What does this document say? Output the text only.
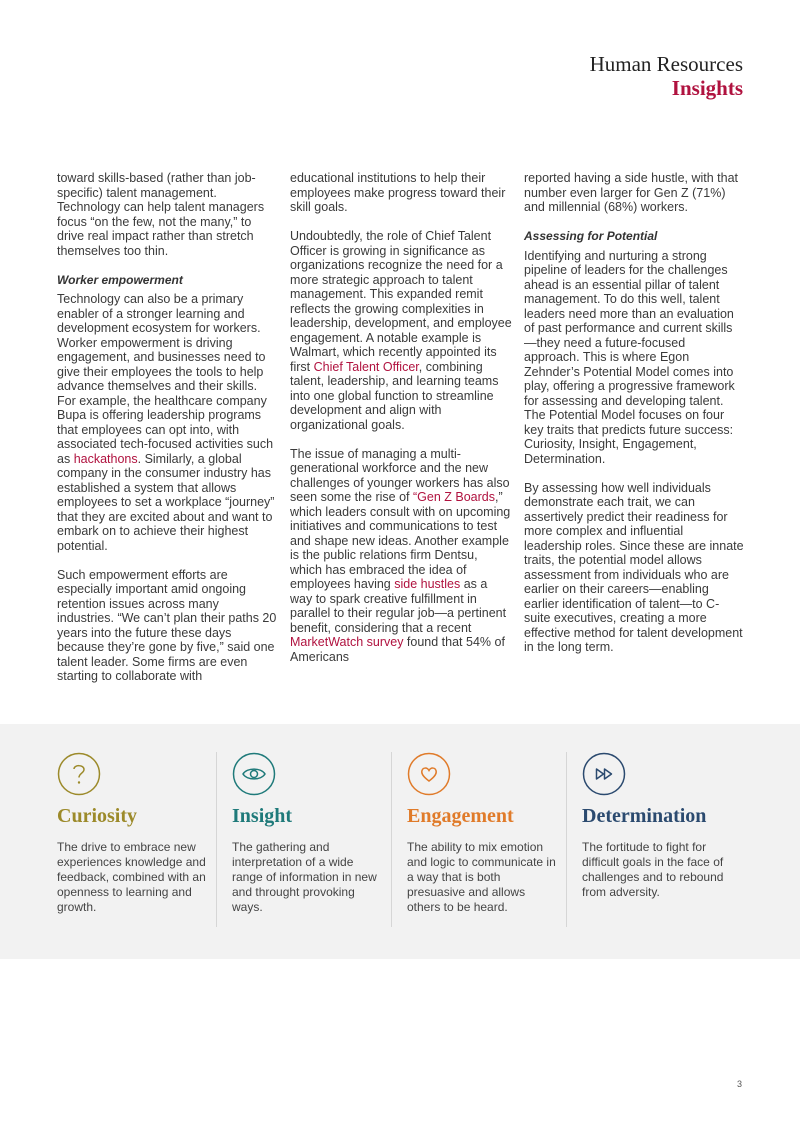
Human Resources
Insights

toward skills-based (rather than job-specific) talent management. Technology can help talent managers focus “on the few, not the many,” to drive real impact rather than stretch themselves too thin.

Worker empowerment

Technology can also be a primary enabler of a stronger learning and development ecosystem for workers. Worker empowerment is driving engagement, and businesses need to give their employees the tools to help advance themselves and their skills. For example, the healthcare company Bupa is offering leadership programs that employees can opt into, with associated tech-focused activities such as hackathons. Similarly, a global company in the consumer industry has established a system that allows employees to set a workplace “journey” that they are excited about and want to embark on to achieve their highest potential.

Such empowerment efforts are especially important amid ongoing retention issues across many industries. “We can’t plan their paths 20 years into the future these days because they’re gone by five,” said one talent leader. Some firms are even starting to collaborate with

educational institutions to help their employees make progress toward their skill goals.

Undoubtedly, the role of Chief Talent Officer is growing in significance as organizations recognize the need for a more strategic approach to talent management. This expanded remit reflects the growing complexities in leadership, development, and employee engagement. A notable example is Walmart, which recently appointed its first Chief Talent Officer, combining talent, leadership, and learning teams into one global function to streamline development and align with organizational goals.

The issue of managing a multi-generational workforce and the new challenges of younger workers has also seen some the rise of “Gen Z Boards,” which leaders consult with on upcoming initiatives and communications to test and shape new ideas. Another example is the public relations firm Dentsu, which has embraced the idea of employees having side hustles as a way to spark creative fulfillment in parallel to their regular job—a pertinent benefit, considering that a recent MarketWatch survey found that 54% of Americans

reported having a side hustle, with that number even larger for Gen Z (71%) and millennial (68%) workers.

Assessing for Potential

Identifying and nurturing a strong pipeline of leaders for the challenges ahead is an essential pillar of talent management. To do this well, talent leaders need more than an evaluation of past performance and current skills—they need a future-focused approach. This is where Egon Zehnder’s Potential Model comes into play, offering a progressive framework for assessing and developing talent. The Potential Model focuses on four key traits that predicts future success: Curiosity, Insight, Engagement, Determination.

By assessing how well individuals demonstrate each trait, we can assertively predict their readiness for more complex and influential leadership roles. Since these are innate traits, the potential model allows assessment from individuals who are earlier on their careers—enabling earlier identification of talent—to C-suite executives, creating a more effective method for talent development in the long term.

Curiosity
The drive to embrace new experiences knowledge and feedback, combined with an openness to learning and growth.
Insight
The gathering and interpretation of a wide range of information in new and throught provoking ways.
Engagement
The ability to mix emotion and logic to communicate in a way that is both presuasive and allows others to be heard.
Determination
The fortitude to fight for difficult goals in the face of challenges and to rebound from adversity.
3
